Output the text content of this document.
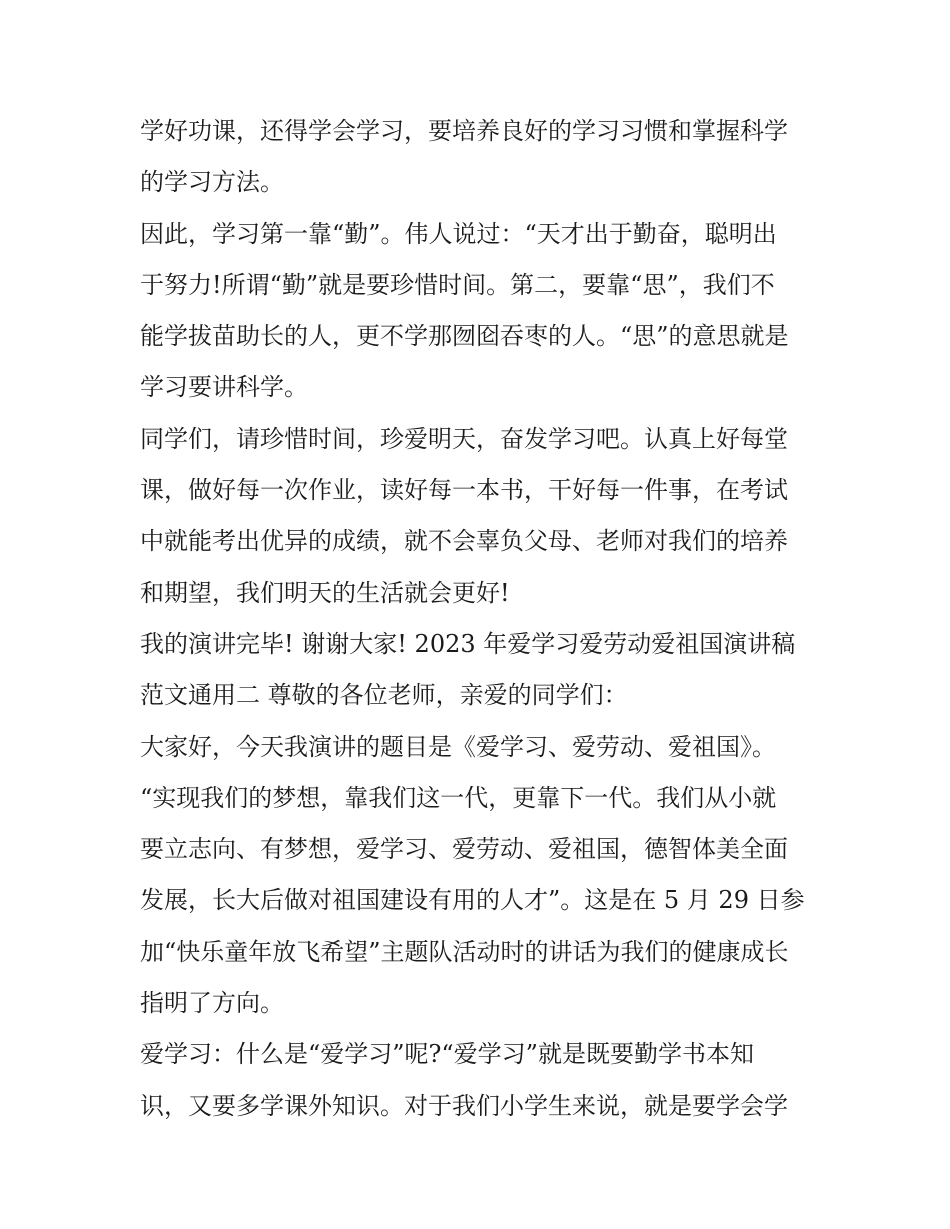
学好功课，还得学会学习，要培养良好的学习习惯和掌握科学
的学习方法。
因此，学习第一靠“勤”。伟人说过：“天才出于勤奋，聪明出
于努力!所谓“勤”就是要珍惜时间。第二，要靠“思”，我们不
能学拔苗助长的人，更不学那囫囵吞枣的人。“思”的意思就是
学习要讲科学。
同学们，请珍惜时间，珍爱明天，奋发学习吧。认真上好每堂
课，做好每一次作业，读好每一本书，干好每一件事，在考试
中就能考出优异的成绩，就不会辜负父母、老师对我们的培养
和期望，我们明天的生活就会更好!
我的演讲完毕! 谢谢大家! 2023 年爱学习爱劳动爱祖国演讲稿
范文通用二 尊敬的各位老师，亲爱的同学们：
大家好，今天我演讲的题目是《爱学习、爱劳动、爱祖国》。
“实现我们的梦想，靠我们这一代，更靠下一代。我们从小就
要立志向、有梦想，爱学习、爱劳动、爱祖国，德智体美全面
发展，长大后做对祖国建设有用的人才”。这是在 5 月 29 日参
加“快乐童年放飞希望”主题队活动时的讲话为我们的健康成长
指明了方向。
爱学习：什么是“爱学习”呢?“爱学习”就是既要勤学书本知
识，又要多学课外知识。对于我们小学生来说，就是要学会学
